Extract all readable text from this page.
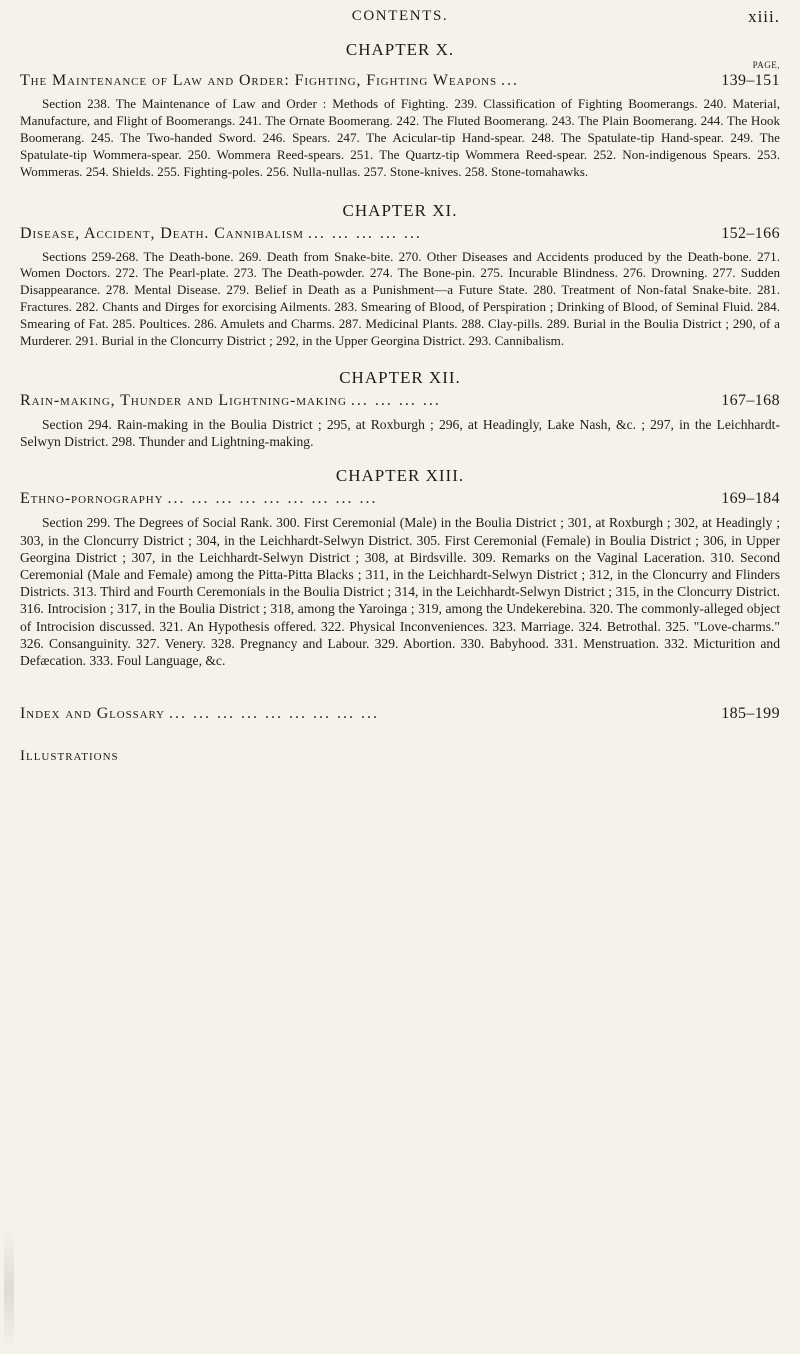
CONTENTS.	xiii.
CHAPTER X.
PAGE,
The Maintenance of Law and Order: Fighting, Fighting Weapons ...	139–151

Section 238. The Maintenance of Law and Order : Methods of Fighting. 239. Classification of Fighting Boomerangs. 240. Material, Manufacture, and Flight of Boomerangs. 241. The Ornate Boomerang. 242. The Fluted Boomerang. 243. The Plain Boomerang. 244. The Hook Boomerang. 245. The Two-handed Sword. 246. Spears. 247. The Acicular-tip Hand-spear. 248. The Spatulate-tip Hand-spear. 249. The Spatulate-tip Wommera-spear. 250. Wommera Reed-spears. 251. The Quartz-tip Wommera Reed-spear. 252. Non-indigenous Spears. 253. Wommeras. 254. Shields. 255. Fighting-poles. 256. Nulla-nullas. 257. Stone-knives. 258. Stone-tomahawks.

CHAPTER XI.
Disease, Accident, Death. Cannibalism ... ... ... ... ...	152–166

Sections 259-268. The Death-bone. 269. Death from Snake-bite. 270. Other Diseases and Accidents produced by the Death-bone. 271. Women Doctors. 272. The Pearl-plate. 273. The Death-powder. 274. The Bone-pin. 275. Incurable Blindness. 276. Drowning. 277. Sudden Disappearance. 278. Mental Disease. 279. Belief in Death as a Punishment—a Future State. 280. Treatment of Non-fatal Snake-bite. 281. Fractures. 282. Chants and Dirges for exorcising Ailments. 283. Smearing of Blood, of Perspiration ; Drinking of Blood, of Seminal Fluid. 284. Smearing of Fat. 285. Poultices. 286. Amulets and Charms. 287. Medicinal Plants. 288. Clay-pills. 289. Burial in the Boulia District ; 290, of a Murderer. 291. Burial in the Cloncurry District ; 292, in the Upper Georgina District. 293. Cannibalism.

CHAPTER XII.
Rain-making, Thunder and Lightning-making ... ... ... ...	167–168

Section 294. Rain-making in the Boulia District ; 295, at Roxburgh ; 296, at Headingly, Lake Nash, &c. ; 297, in the Leichhardt-Selwyn District. 298. Thunder and Lightning-making.

CHAPTER XIII.
Ethno-pornography ... ... ... ... ... ... ... ... ...	169–184

Section 299. The Degrees of Social Rank. 300. First Ceremonial (Male) in the Boulia District ; 301, at Roxburgh ; 302, at Headingly ; 303, in the Cloncurry District ; 304, in the Leichhardt-Selwyn District. 305. First Ceremonial (Female) in Boulia District ; 306, in Upper Georgina District ; 307, in the Leichhardt-Selwyn District ; 308, at Birdsville. 309. Remarks on the Vaginal Laceration. 310. Second Ceremonial (Male and Female) among the Pitta-Pitta Blacks ; 311, in the Leichhardt-Selwyn District ; 312, in the Cloncurry and Flinders Districts. 313. Third and Fourth Ceremonials in the Boulia District ; 314, in the Leichhardt-Selwyn District ; 315, in the Cloncurry District. 316. Introcision ; 317, in the Boulia District ; 318, among the Yaroinga ; 319, among the Undekerebina. 320. The commonly-alleged object of Introcision discussed. 321. An Hypothesis offered. 322. Physical Inconveniences. 323. Marriage. 324. Betrothal. 325. "Love-charms." 326. Consanguinity. 327. Venery. 328. Pregnancy and Labour. 329. Abortion. 330. Babyhood. 331. Menstruation. 332. Micturition and Defæcation. 333. Foul Language, &c.

Index and Glossary ... ... ... ... ... ... ... ... ...	185–199
Illustrations
